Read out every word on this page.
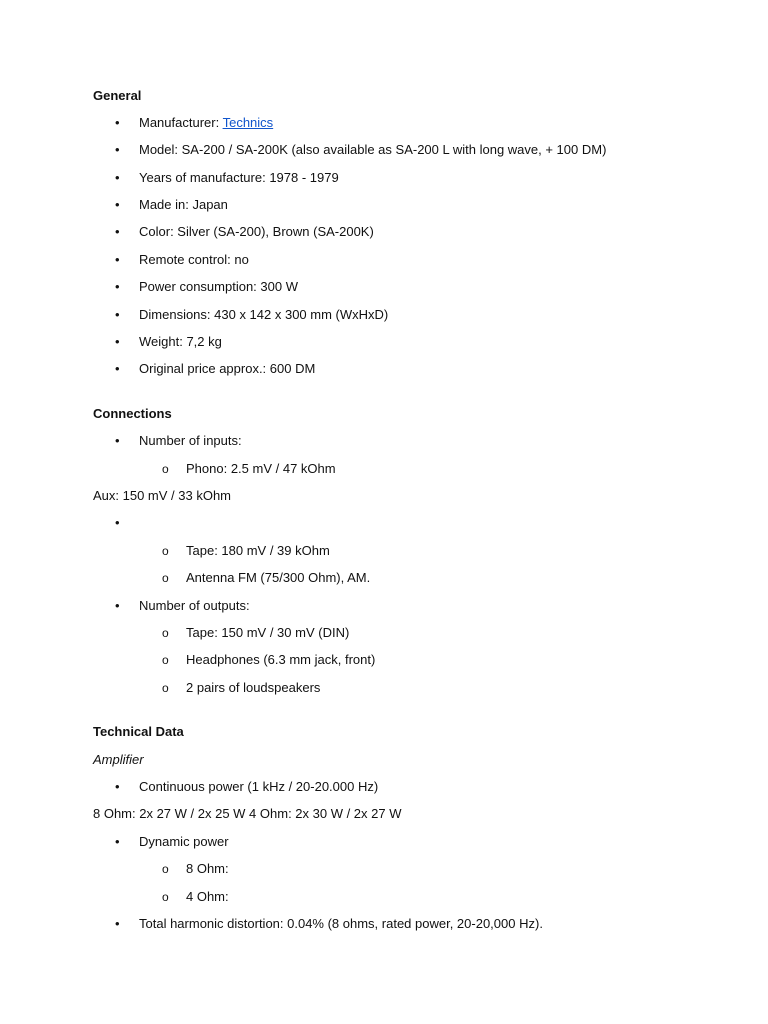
General
•	Manufacturer: Technics
•	Model: SA-200 / SA-200K (also available as SA-200 L with long wave, + 100 DM)
•	Years of manufacture: 1978 - 1979
•	Made in: Japan
•	Color: Silver (SA-200), Brown (SA-200K)
•	Remote control: no
•	Power consumption: 300 W
•	Dimensions: 430 x 142 x 300 mm (WxHxD)
•	Weight: 7,2 kg
•	Original price approx.: 600 DM
Connections
•	Number of inputs:
o Phono: 2.5 mV / 47 kOhm
Aux: 150 mV / 33 kOhm
•
o Tape: 180 mV / 39 kOhm
o Antenna FM (75/300 Ohm), AM.
•	Number of outputs:
o Tape: 150 mV / 30 mV (DIN)
o Headphones (6.3 mm jack, front)
o 2 pairs of loudspeakers
Technical Data
Amplifier
•	Continuous power (1 kHz / 20-20.000 Hz)
8 Ohm: 2x 27 W / 2x 25 W 4 Ohm: 2x 30 W / 2x 27 W
•	Dynamic power
o 8 Ohm:
o 4 Ohm:
•	Total harmonic distortion: 0.04% (8 ohms, rated power, 20-20,000 Hz).
